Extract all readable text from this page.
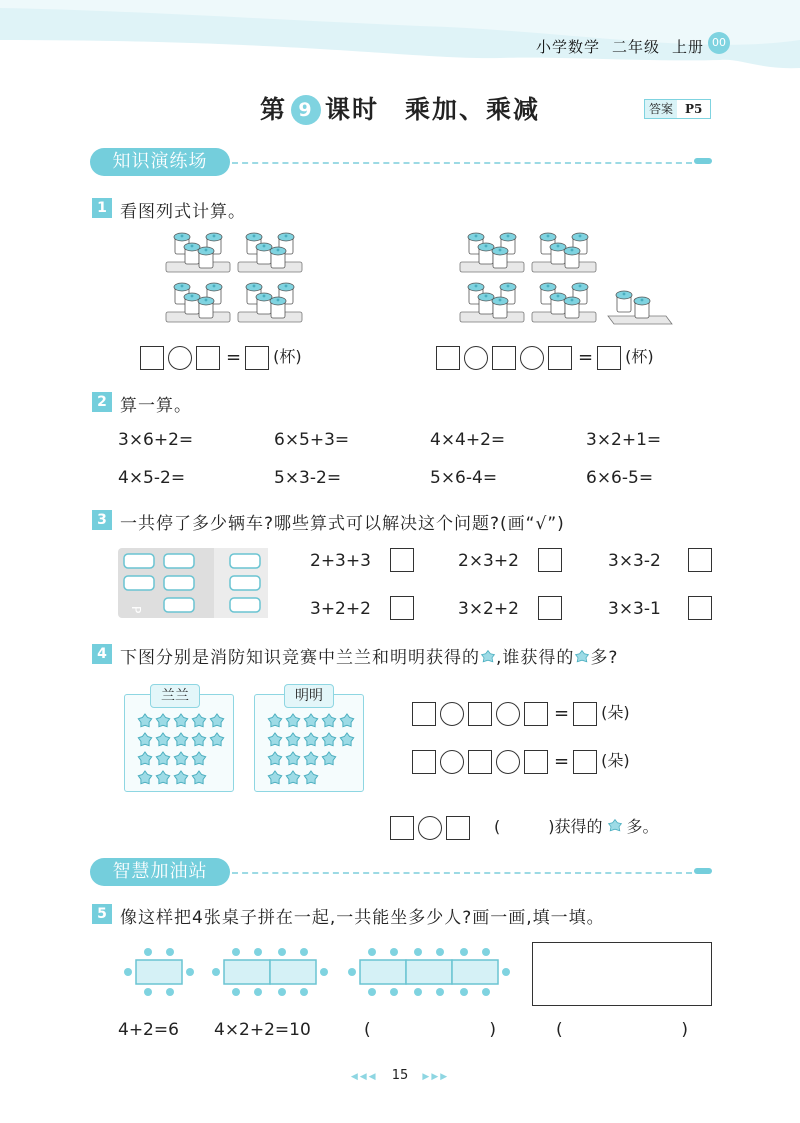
小学数学 二年级 上册 00
第 9 课时 乘加、乘减	答案	P5
知识演练场
1 看图列式计算。
= (杯)	= (杯)
2 算一算。
3×6+2=	6×5+3=	4×4+2=	3×2+1=
4×5-2=	5×3-2=	5×6-4=	6×6-5=
3 一共停了多少辆车?哪些算式可以解决这个问题?(画“√”)
P
2+3+3	2×3+2	3×3-2
3+2+2	3×2+2	3×3-1
4 下图分别是消防知识竞赛中兰兰和明明获得的 ,谁获得的 多?
兰兰	明明
= (朵)
= (朵)
(	)获得的 多。
智慧加油站
5 像这样把4张桌子拼在一起,一共能坐多少人?画一画,填一填。
4+2=6 4×2+2=10	(	)	(	)
◀◀◀ 15 ▶▶▶
